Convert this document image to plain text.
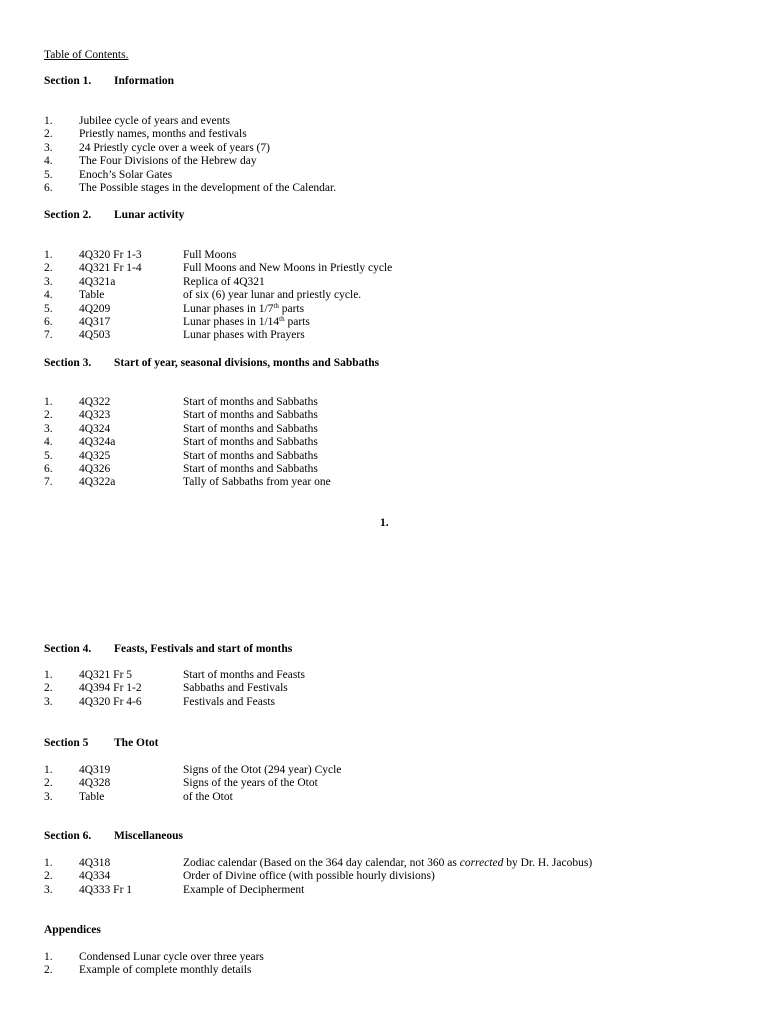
Table of Contents.
Section 1. Information
1. Jubilee cycle of years and events
2. Priestly names, months and festivals
3. 24 Priestly cycle over a week of years (7)
4. The Four Divisions of the Hebrew day
5. Enoch’s Solar Gates
6. The Possible stages in the development of the Calendar.
Section 2. Lunar activity
1. 4Q320 Fr 1-3	Full Moons
2. 4Q321 Fr 1-4	Full Moons and New Moons in Priestly cycle
3. 4Q321a	Replica of 4Q321
4. Table	of six (6) year lunar and priestly cycle.
5. 4Q209	Lunar phases in 1/7th parts
6. 4Q317	Lunar phases in 1/14th parts
7. 4Q503	Lunar phases with Prayers
Section 3. Start of year, seasonal divisions, months and Sabbaths
1. 4Q322	Start of months and Sabbaths
2. 4Q323	Start of months and Sabbaths
3. 4Q324	Start of months and Sabbaths
4. 4Q324a	Start of months and Sabbaths
5. 4Q325	Start of months and Sabbaths
6. 4Q326	Start of months and Sabbaths
7. 4Q322a	Tally of Sabbaths from year one
1.
Section 4. Feasts, Festivals and start of months
1. 4Q321 Fr 5	Start of months and Feasts
2. 4Q394 Fr 1-2	Sabbaths and Festivals
3. 4Q320 Fr 4-6	Festivals and Feasts
Section 5 The Otot
1. 4Q319	Signs of the Otot (294 year) Cycle
2. 4Q328	Signs of the years of the Otot
3. Table	of the Otot
Section 6. Miscellaneous
1. 4Q318	Zodiac calendar (Based on the 364 day calendar, not 360 as corrected by Dr. H. Jacobus)
2. 4Q334	Order of Divine office (with possible hourly divisions)
3. 4Q333 Fr 1	Example of Decipherment
Appendices
1. Condensed Lunar cycle over three years
2. Example of complete monthly details
